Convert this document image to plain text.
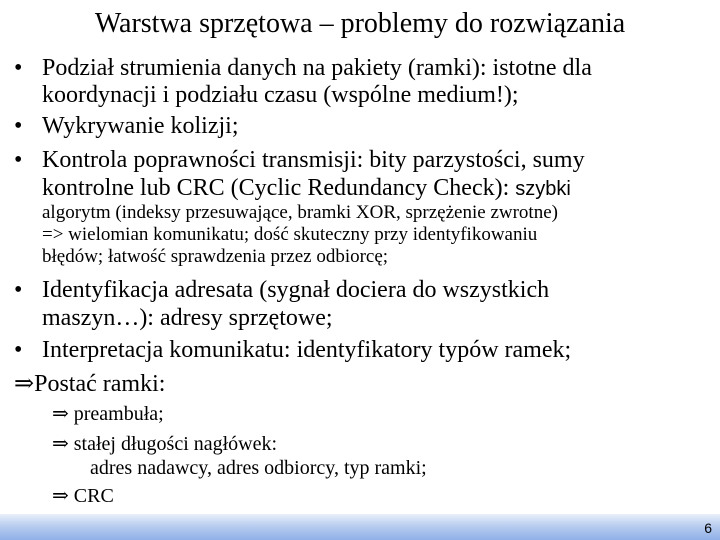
Warstwa sprzętowa – problemy do rozwiązania
• Podział strumienia danych na pakiety (ramki): istotne dla
koordynacji i podziału czasu (wspólne medium!);
• Wykrywanie kolizji;
• Kontrola poprawności transmisji: bity parzystości, sumy
kontrolne lub CRC (Cyclic Redundancy Check): szybki
algorytm (indeksy przesuwające, bramki XOR, sprzężenie zwrotne)
=> wielomian komunikatu; dość skuteczny przy identyfikowaniu
błędów; łatwość sprawdzenia przez odbiorcę;
• Identyfikacja adresata (sygnał dociera do wszystkich
maszyn…): adresy sprzętowe;
• Interpretacja komunikatu: identyfikatory typów ramek;
⇒Postać ramki:
⇒ preambuła;
⇒ stałej długości nagłówek:
adres nadawcy, adres odbiorcy, typ ramki;
⇒ CRC
6
